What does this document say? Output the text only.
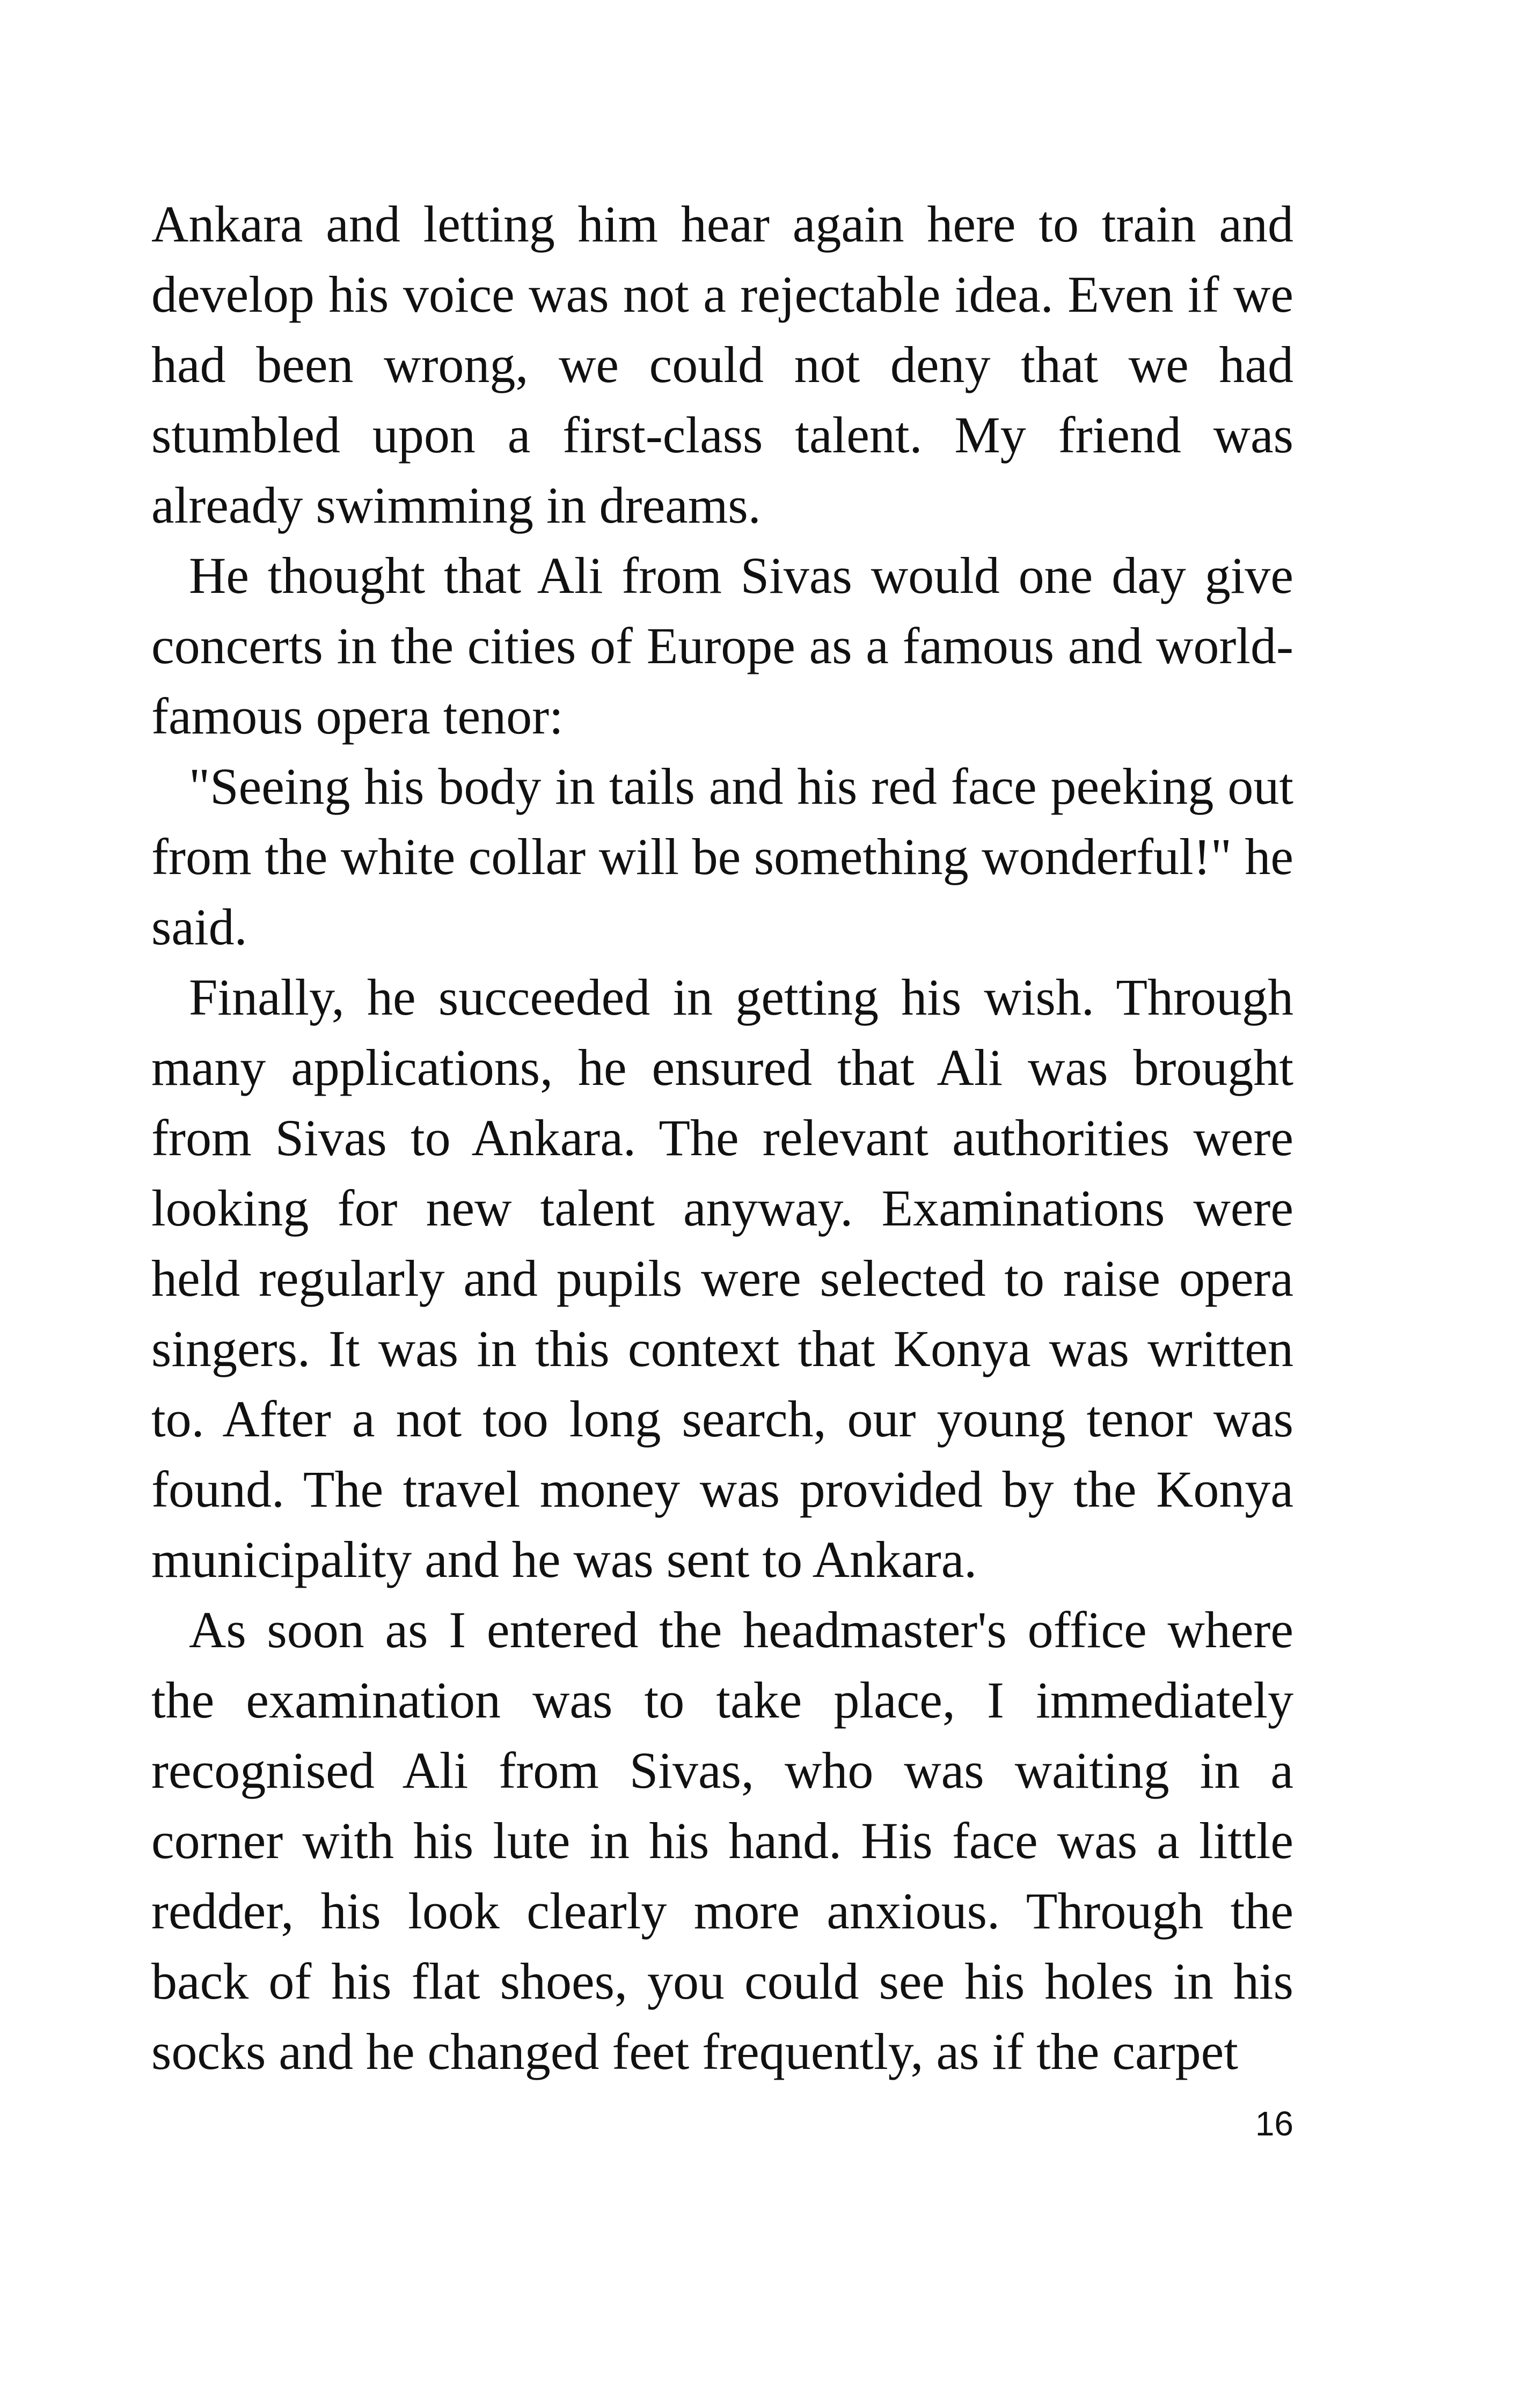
Ankara and letting him hear again here to train and develop his voice was not a rejectable idea. Even if we had been wrong, we could not deny that we had stumbled upon a first-class talent. My friend was already swimming in dreams.

He thought that Ali from Sivas would one day give concerts in the cities of Europe as a famous and world-famous opera tenor:

"Seeing his body in tails and his red face peeking out from the white collar will be something wonderful!" he said.

Finally, he succeeded in getting his wish. Through many applications, he ensured that Ali was brought from Sivas to Ankara. The relevant authorities were looking for new talent anyway. Examinations were held regularly and pupils were selected to raise opera singers. It was in this context that Konya was written to. After a not too long search, our young tenor was found. The travel money was provided by the Konya municipality and he was sent to Ankara.

As soon as I entered the headmaster's office where the examination was to take place, I immediately recognised Ali from Sivas, who was waiting in a corner with his lute in his hand. His face was a little redder, his look clearly more anxious. Through the back of his flat shoes, you could see his holes in his socks and he changed feet frequently, as if the carpet

16
